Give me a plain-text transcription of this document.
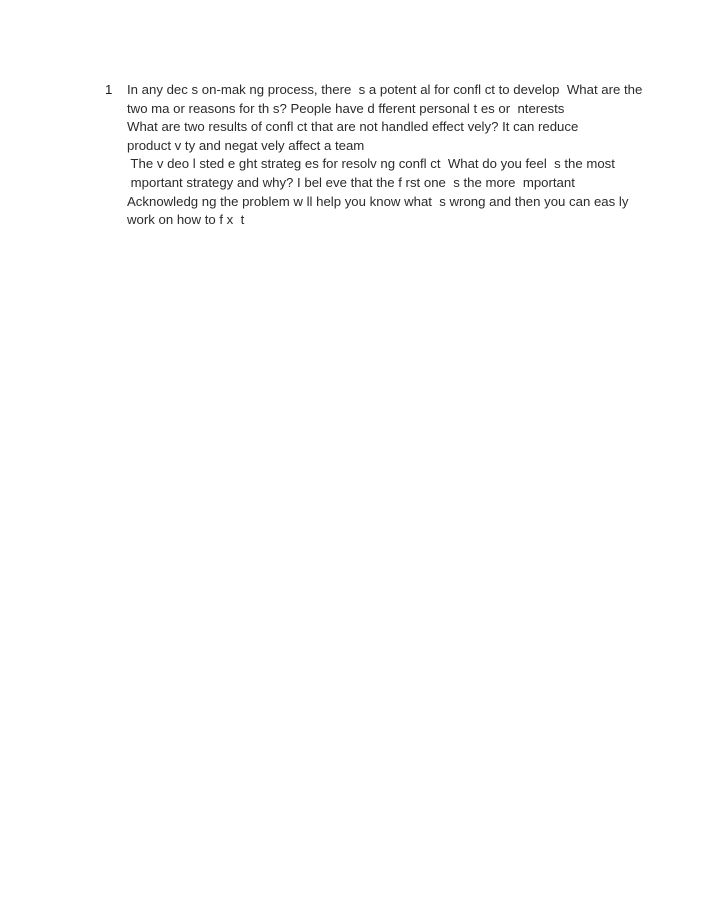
1 In any dec s on-mak ng process, there  s a potent al for confl ct to develop  What are the
two ma or reasons for th s? People have d fferent personal t es or  nterests
What are two results of confl ct that are not handled effect vely? It can reduce
product v ty and negat vely affect a team
The v deo l sted e ght strateg es for resolv ng confl ct  What do you feel  s the most
mportant strategy and why? I bel eve that the f rst one  s the more  mportant
Acknowledg ng the problem w ll help you know what  s wrong and then you can eas ly
work on how to f x  t
